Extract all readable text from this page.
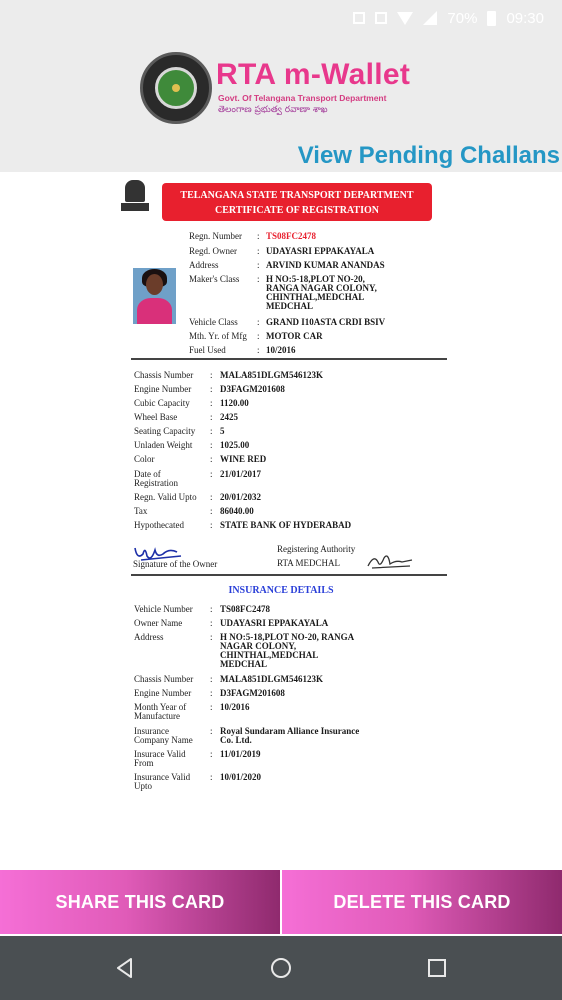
70% 09:30
RTA m-Wallet
Govt. Of Telangana Transport Department
తెలంగాణ ప్రభుత్వ రవాణా శాఖ
View Pending Challans
TELANGANA STATE TRANSPORT DEPARTMENT
CERTIFICATE OF REGISTRATION
Regn. Number : TS08FC2478
Regd. Owner : UDAYASRI EPPAKAYALA
Address	: ARVIND KUMAR ANANDAS
Maker's Class : H NO:5-18,PLOT NO-20,
RANGA NAGAR COLONY,
CHINTHAL,MEDCHAL
MEDCHAL
Vehicle Class : GRAND I10ASTA CRDI BSIV
Mth. Yr. of Mfg : MOTOR CAR
Fuel Used	: 10/2016
Chassis Number : MALA851DLGM546123K
Engine Number : D3FAGM201608
Cubic Capacity : 1120.00
Wheel Base	: 2425
Seating Capacity : 5
Unladen Weight : 1025.00
Color	: WINE RED
Date of
Registration
: 21/01/2017
Regn. Valid Upto : 20/01/2032
Tax	: 86040.00
Hypothecated	: STATE BANK OF HYDERABAD
Signature of the Owner
Registering Authority
RTA MEDCHAL
INSURANCE DETAILS
Vehicle Number : TS08FC2478
Owner Name	: UDAYASRI EPPAKAYALA
Address	: H NO:5-18,PLOT NO-20, RANGA
NAGAR COLONY,
CHINTHAL,MEDCHAL
MEDCHAL
Chassis Number : MALA851DLGM546123K
Engine Number : D3FAGM201608
Month Year of
Manufacture
: 10/2016
Insurance
Company Name
: Royal Sundaram Alliance Insurance
Co. Ltd.
Insurace Valid
From
: 11/01/2019
Insurance Valid
Upto
: 10/01/2020
SHARE THIS CARD	DELETE THIS CARD
